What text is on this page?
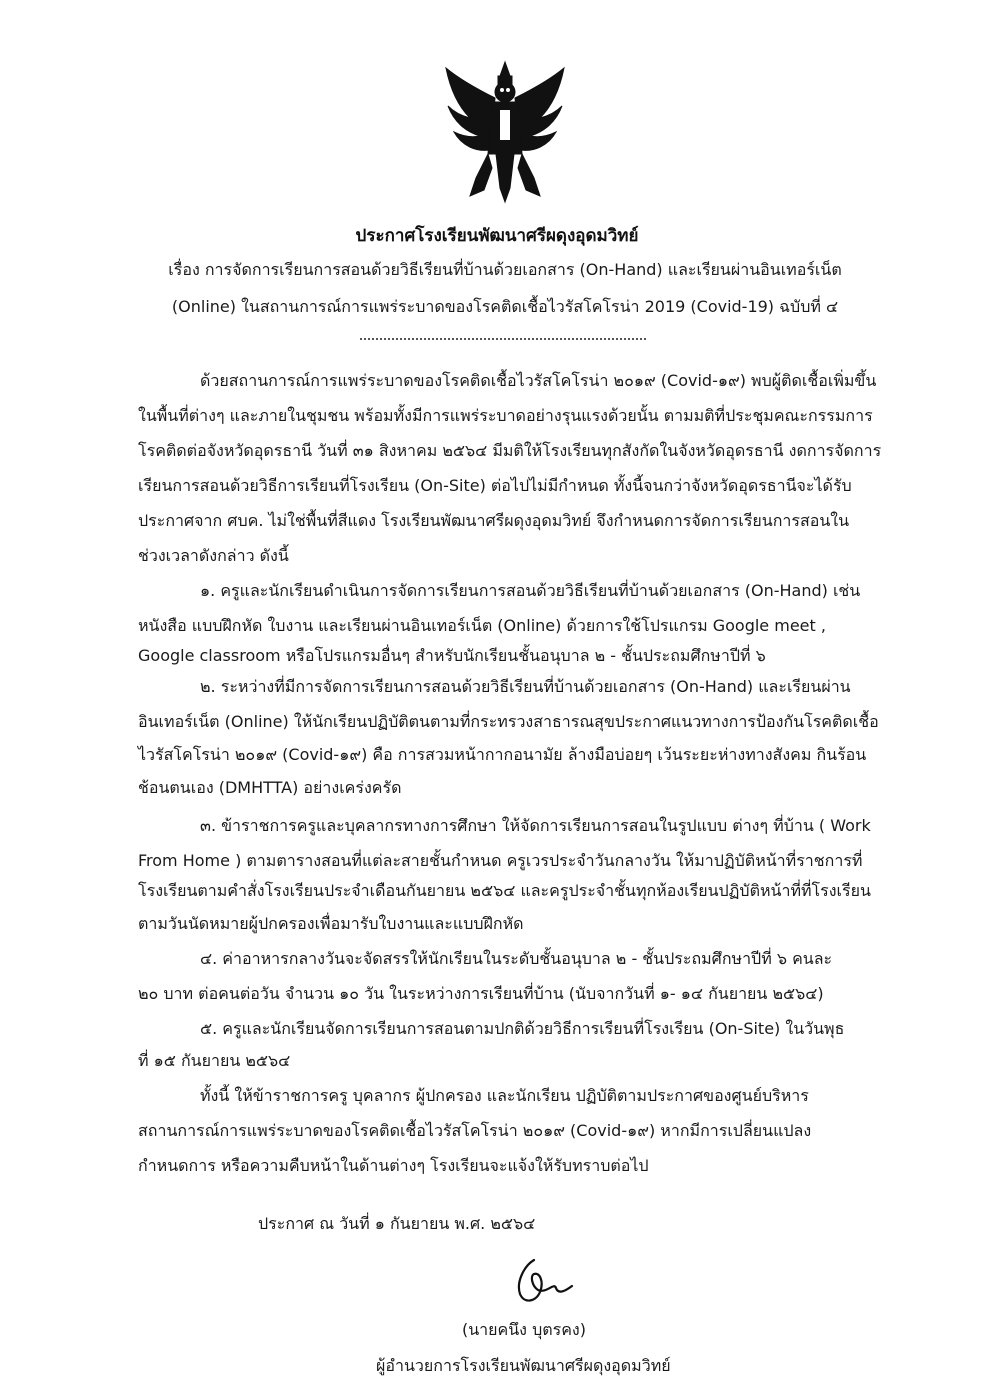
ประกาศโรงเรียนพัฒนาศรีผดุงอุดมวิทย์
เรื่อง การจัดการเรียนการสอนด้วยวิธีเรียนที่บ้านด้วยเอกสาร (On-Hand) และเรียนผ่านอินเทอร์เน็ต
(Online) ในสถานการณ์การแพร่ระบาดของโรคติดเชื้อไวรัสโคโรน่า 2019 (Covid-19) ฉบับที่ ๔
ด้วยสถานการณ์การแพร่ระบาดของโรคติดเชื้อไวรัสโคโรน่า ๒๐๑๙ (Covid-๑๙) พบผู้ติดเชื้อเพิ่มขึ้น
ในพื้นที่ต่างๆ และภายในชุมชน พร้อมทั้งมีการแพร่ระบาดอย่างรุนแรงด้วยนั้น ตามมติที่ประชุมคณะกรรมการ
โรคติดต่อจังหวัดอุดรธานี วันที่ ๓๑ สิงหาคม ๒๕๖๔ มีมติให้โรงเรียนทุกสังกัดในจังหวัดอุดรธานี งดการจัดการ
เรียนการสอนด้วยวิธีการเรียนที่โรงเรียน (On-Site) ต่อไปไม่มีกำหนด ทั้งนี้จนกว่าจังหวัดอุดรธานีจะได้รับ
ประกาศจาก ศบค. ไม่ใช่พื้นที่สีแดง โรงเรียนพัฒนาศรีผดุงอุดมวิทย์ จึงกำหนดการจัดการเรียนการสอนใน
ช่วงเวลาดังกล่าว ดังนี้
๑. ครูและนักเรียนดำเนินการจัดการเรียนการสอนด้วยวิธีเรียนที่บ้านด้วยเอกสาร (On-Hand) เช่น
หนังสือ แบบฝึกหัด ใบงาน และเรียนผ่านอินเทอร์เน็ต (Online) ด้วยการใช้โปรแกรม Google meet ,
Google classroom หรือโปรแกรมอื่นๆ สำหรับนักเรียนชั้นอนุบาล ๒ - ชั้นประถมศึกษาปีที่ ๖
๒. ระหว่างที่มีการจัดการเรียนการสอนด้วยวิธีเรียนที่บ้านด้วยเอกสาร (On-Hand) และเรียนผ่าน
อินเทอร์เน็ต (Online) ให้นักเรียนปฏิบัติตนตามที่กระทรวงสาธารณสุขประกาศแนวทางการป้องกันโรคติดเชื้อ
ไวรัสโคโรน่า ๒๐๑๙ (Covid-๑๙) คือ การสวมหน้ากากอนามัย ล้างมือบ่อยๆ เว้นระยะห่างทางสังคม กินร้อน
ช้อนตนเอง (DMHTTA) อย่างเคร่งครัด
๓. ข้าราชการครูและบุคลากรทางการศึกษา ให้จัดการเรียนการสอนในรูปแบบ ต่างๆ ที่บ้าน ( Work
From Home ) ตามตารางสอนที่แต่ละสายชั้นกำหนด ครูเวรประจำวันกลางวัน ให้มาปฏิบัติหน้าที่ราชการที่
โรงเรียนตามคำสั่งโรงเรียนประจำเดือนกันยายน ๒๕๖๔ และครูประจำชั้นทุกห้องเรียนปฏิบัติหน้าที่ที่โรงเรียน
ตามวันนัดหมายผู้ปกครองเพื่อมารับใบงานและแบบฝึกหัด
๔. ค่าอาหารกลางวันจะจัดสรรให้นักเรียนในระดับชั้นอนุบาล ๒ - ชั้นประถมศึกษาปีที่ ๖ คนละ
๒๐ บาท ต่อคนต่อวัน จำนวน ๑๐ วัน ในระหว่างการเรียนที่บ้าน (นับจากวันที่ ๑- ๑๔ กันยายน ๒๕๖๔)
๕. ครูและนักเรียนจัดการเรียนการสอนตามปกติด้วยวิธีการเรียนที่โรงเรียน (On-Site) ในวันพุธ
ที่ ๑๕ กันยายน ๒๕๖๔
ทั้งนี้ ให้ข้าราชการครู บุคลากร ผู้ปกครอง และนักเรียน ปฏิบัติตามประกาศของศูนย์บริหาร
สถานการณ์การแพร่ระบาดของโรคติดเชื้อไวรัสโคโรน่า ๒๐๑๙ (Covid-๑๙) หากมีการเปลี่ยนแปลง
กำหนดการ หรือความคืบหน้าในด้านต่างๆ โรงเรียนจะแจ้งให้รับทราบต่อไป
ประกาศ ณ วันที่ ๑ กันยายน พ.ศ. ๒๕๖๔
(นายคนึง บุตรคง)
ผู้อำนวยการโรงเรียนพัฒนาศรีผดุงอุดมวิทย์
